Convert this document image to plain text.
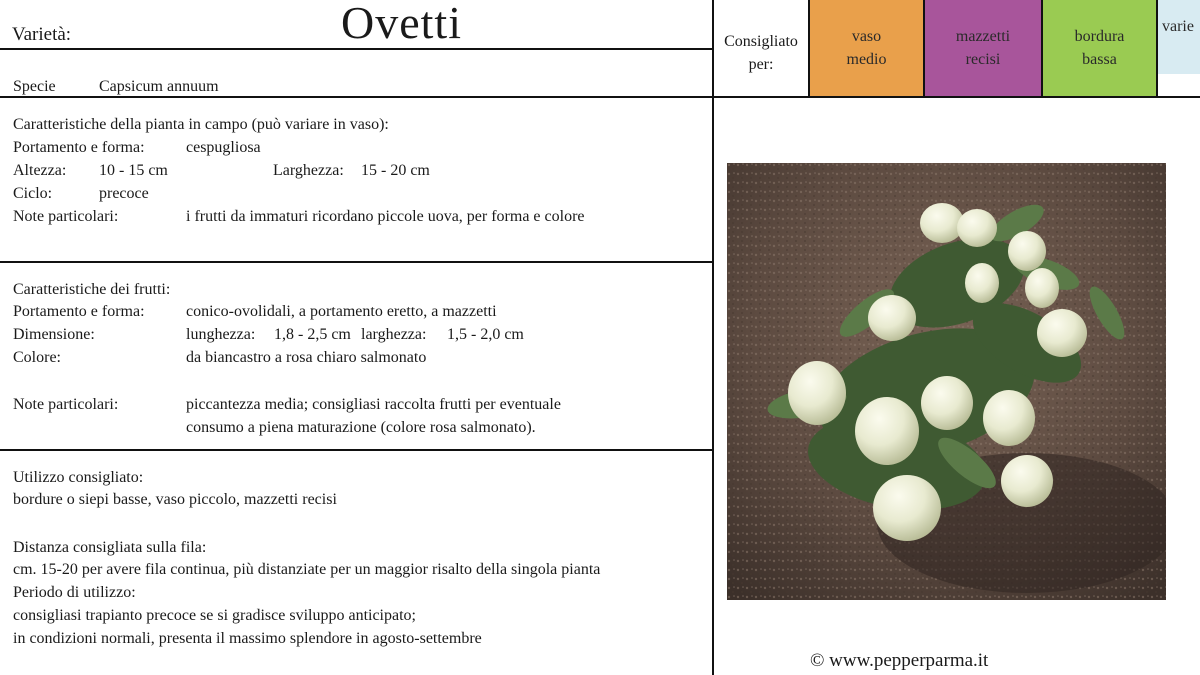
Varietà:	Ovetti
Specie	Capsicum annuum
Consigliato
per:
vaso
medio
mazzetti
recisi
bordura
bassa
varie
Caratteristiche della pianta in campo (può variare in vaso):
Portamento e forma:	cespugliosa
Altezza: 10 - 15 cm	Larghezza: 15 - 20 cm
Ciclo:	precoce
Note particolari:	i frutti da immaturi ricordano piccole uova, per forma e colore
Caratteristiche dei frutti:
Portamento e forma:	conico-ovolidali, a portamento eretto, a mazzetti
Dimensione:	lunghezza: 1,8 - 2,5 cm larghezza: 1,5 - 2,0 cm
Colore:	da biancastro a rosa chiaro salmonato
Note particolari:	piccantezza media; consigliasi raccolta frutti per eventuale
consumo a piena maturazione (colore rosa salmonato).
Utilizzo consigliato:
bordure o siepi basse, vaso piccolo, mazzetti recisi
Distanza consigliata sulla fila:
cm. 15-20 per avere fila continua, più distanziate per un maggior risalto della singola pianta
Periodo di utilizzo:
consigliasi trapianto precoce se si gradisce sviluppo anticipato;
in condizioni normali, presenta il massimo splendore in agosto-settembre
© www.pepperparma.it
